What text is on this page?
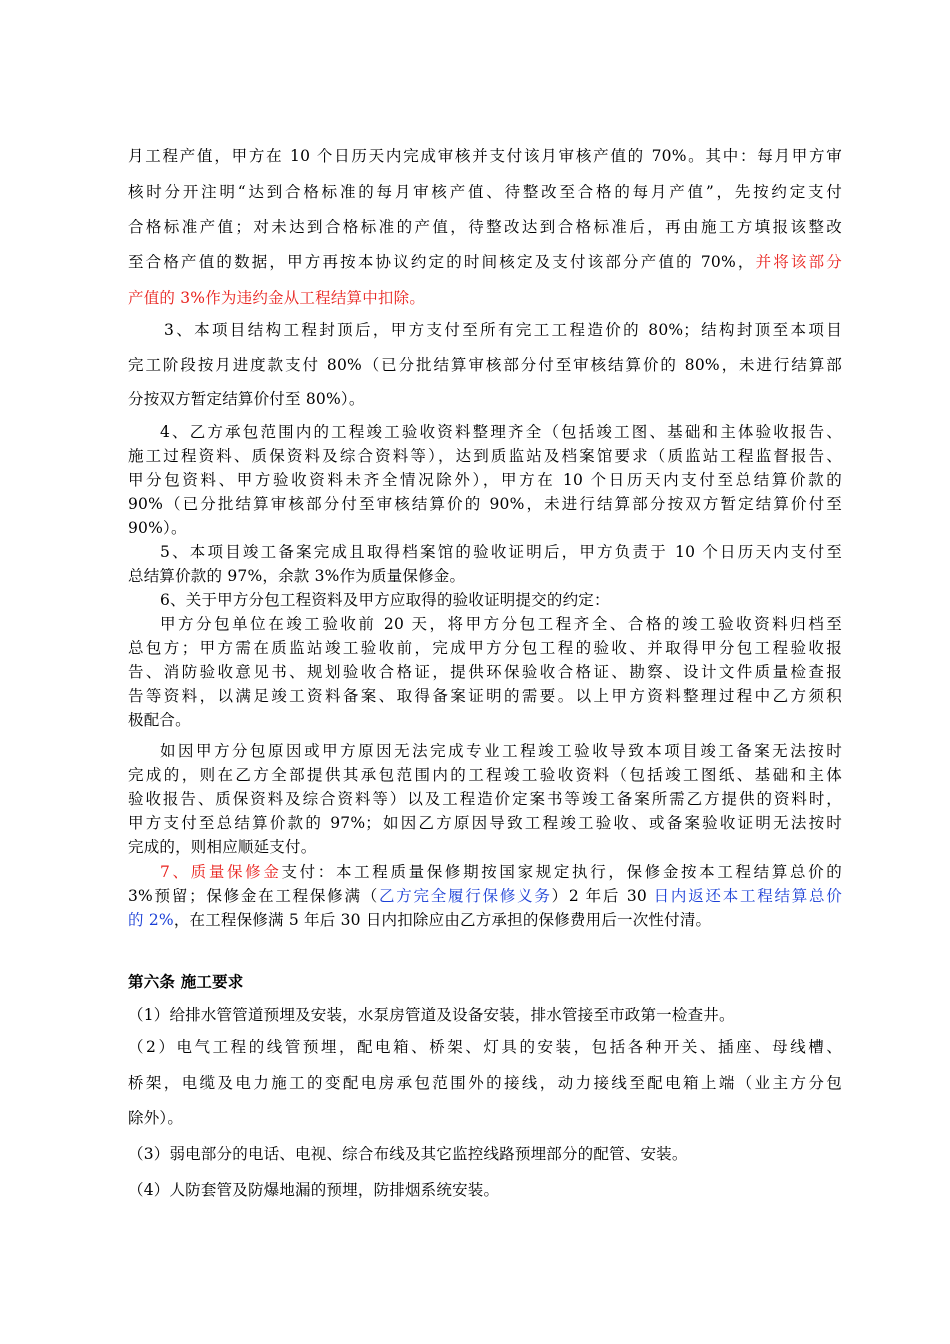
月工程产值，甲方在 10 个日历天内完成审核并支付该月审核产值的 70%。其中：每月甲方审
核时分开注明“达到合格标准的每月审核产值、待整改至合格的每月产值”，先按约定支付
合格标准产值；对未达到合格标准的产值，待整改达到合格标准后，再由施工方填报该整改
至合格产值的数据，甲方再按本协议约定的时间核定及支付该部分产值的 70%，并将该部分
产值的 3%作为违约金从工程结算中扣除。
3、本项目结构工程封顶后，甲方支付至所有完工工程造价的 80%；结构封顶至本项目
完工阶段按月进度款支付 80%（已分批结算审核部分付至审核结算价的 80%，未进行结算部
分按双方暂定结算价付至 80%）。
4、乙方承包范围内的工程竣工验收资料整理齐全（包括竣工图、基础和主体验收报告、
施工过程资料、质保资料及综合资料等），达到质监站及档案馆要求（质监站工程监督报告、
甲分包资料、甲方验收资料未齐全情况除外），甲方在 10 个日历天内支付至总结算价款的
90%（已分批结算审核部分付至审核结算价的 90%，未进行结算部分按双方暂定结算价付至
90%）。
5、本项目竣工备案完成且取得档案馆的验收证明后，甲方负责于 10 个日历天内支付至
总结算价款的 97%，余款 3%作为质量保修金。
6、关于甲方分包工程资料及甲方应取得的验收证明提交的约定：
甲方分包单位在竣工验收前 20 天，将甲方分包工程齐全、合格的竣工验收资料归档至
总包方；甲方需在质监站竣工验收前，完成甲方分包工程的验收、并取得甲分包工程验收报
告、消防验收意见书、规划验收合格证，提供环保验收合格证、勘察、设计文件质量检查报
告等资料，以满足竣工资料备案、取得备案证明的需要。以上甲方资料整理过程中乙方须积
极配合。
如因甲方分包原因或甲方原因无法完成专业工程竣工验收导致本项目竣工备案无法按时
完成的，则在乙方全部提供其承包范围内的工程竣工验收资料（包括竣工图纸、基础和主体
验收报告、质保资料及综合资料等）以及工程造价定案书等竣工备案所需乙方提供的资料时，
甲方支付至总结算价款的 97%；如因乙方原因导致工程竣工验收、或备案验收证明无法按时
完成的，则相应顺延支付。
7、质量保修金支付：本工程质量保修期按国家规定执行，保修金按本工程结算总价的
3%预留；保修金在工程保修满（乙方完全履行保修义务）2 年后 30 日内返还本工程结算总价
的 2%，在工程保修满 5 年后 30 日内扣除应由乙方承担的保修费用后一次性付清。
第六条 施工要求
（1）给排水管管道预埋及安装，水泵房管道及设备安装，排水管接至市政第一检查井。
（2）电气工程的线管预埋，配电箱、桥架、灯具的安装，包括各种开关、插座、母线槽、
桥架，电缆及电力施工的变配电房承包范围外的接线，动力接线至配电箱上端（业主方分包
除外）。
（3）弱电部分的电话、电视、综合布线及其它监控线路预埋部分的配管、安装。
（4）人防套管及防爆地漏的预埋，防排烟系统安装。
